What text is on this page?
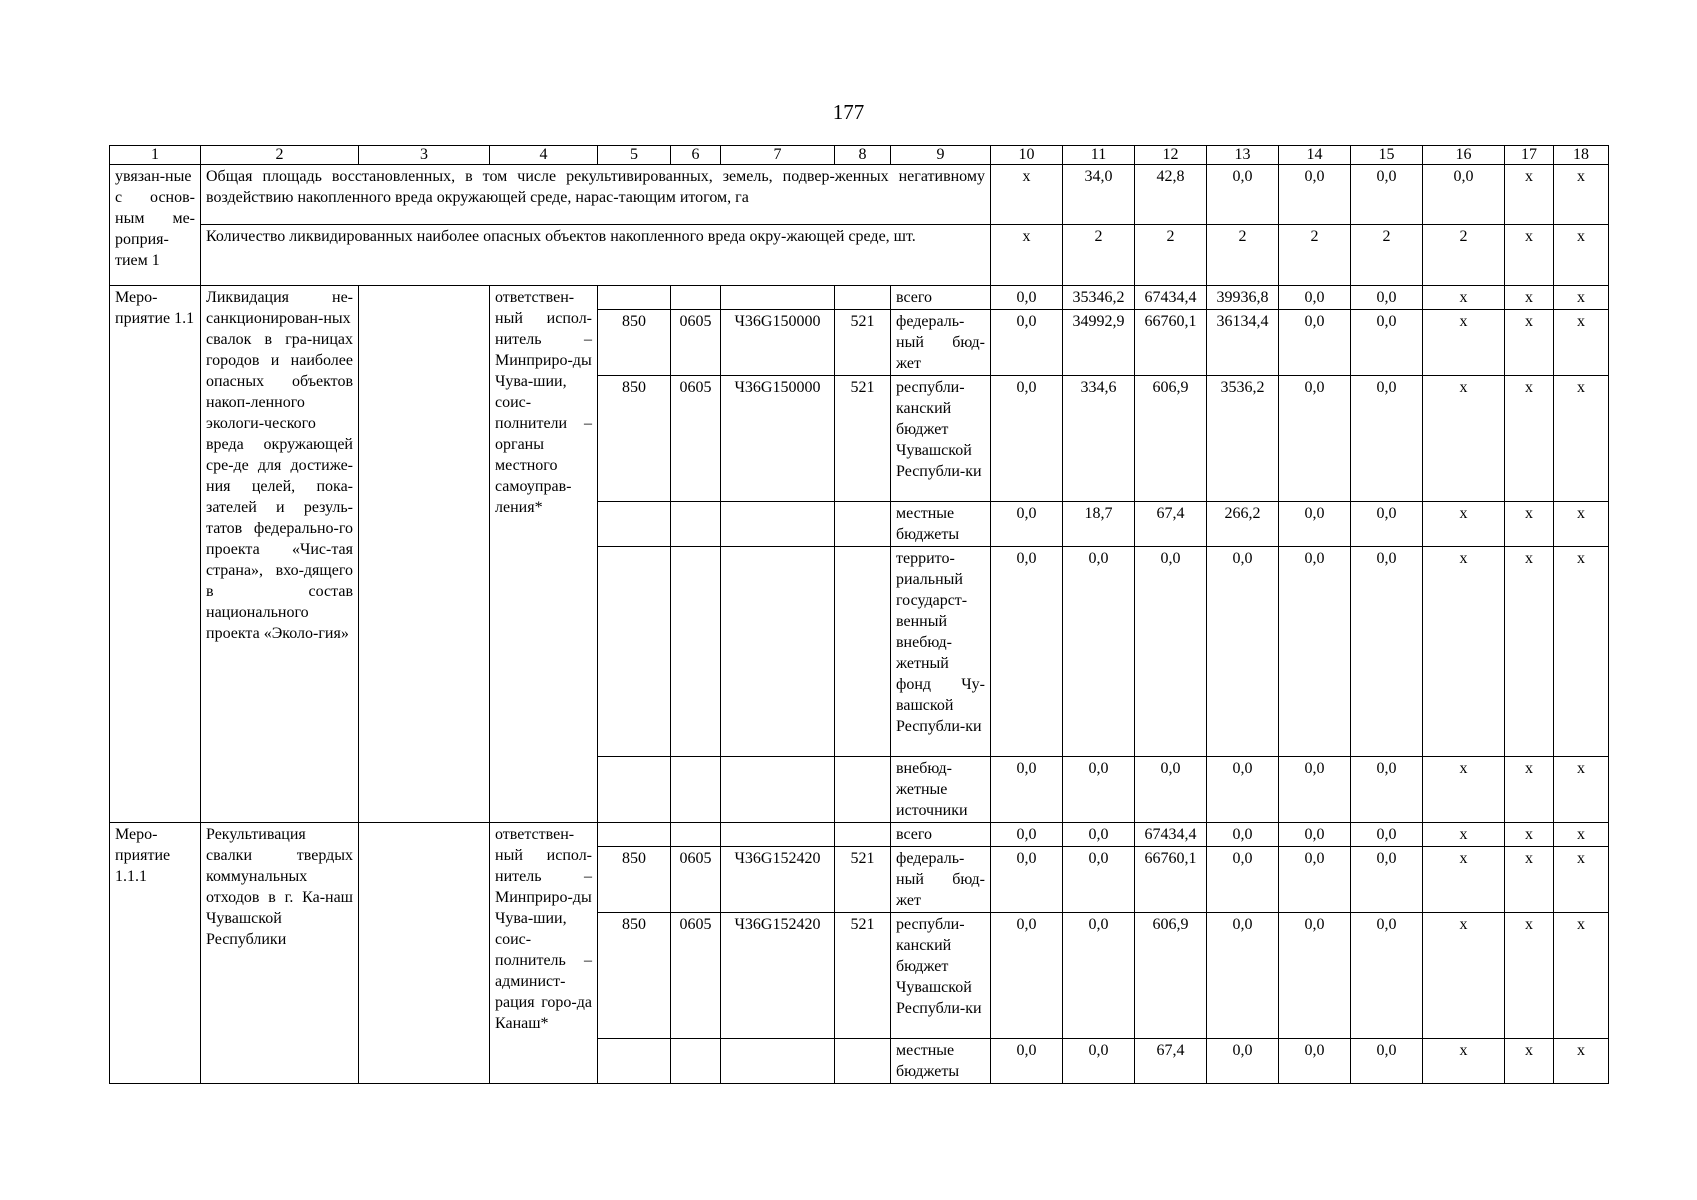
177
1	2	3	4	5	6	7	8	9	10	11	12	13	14	15	16	17	18	
увязан-ные с основ-ным ме-роприя-тием 1	Общая площадь восстановленных, в том числе рекультивированных, земель, подвер-женных негативному воздействию накопленного вреда окружающей среде, нарас-тающим итогом, га								х	34,0	42,8	0,0	0,0	0,0	0,0	х	х	
	Количество ликвидированных наиболее опасных объектов накопленного вреда окру-жающей среде, шт.								х	2	2	2	2	2	2	х	х	
Меро-приятие 1.1	Ликвидация не-санкционирован-ных свалок в гра-ницах городов и наиболее опасных объектов накоп-ленного экологи-ческого вреда окружающей сре-де для достиже-ния целей, пока-зателей и резуль-татов федерально-го проекта «Чис-тая страна», вхо-дящего в состав национального проекта «Эколо-гия»		ответствен-ный испол-нитель – Минприро-ды Чува-шии, соис-полнители – органы местного самоуправ-ления*					всего	0,0	35346,2	67434,4	39936,8	0,0	0,0	х	х	х	
				850	0605	Ч36G150000	521	федераль-ный бюд-жет	0,0	34992,9	66760,1	36134,4	0,0	0,0	х	х	х	
				850	0605	Ч36G150000	521	республи-канский бюджет Чувашской Республи-ки	0,0	334,6	606,9	3536,2	0,0	0,0	х	х	х	
								местные бюджеты	0,0	18,7	67,4	266,2	0,0	0,0	х	х	х	
								террито-риальный государст-венный внебюд-жетный фонд Чу-вашской Республи-ки	0,0	0,0	0,0	0,0	0,0	0,0	х	х	х	
								внебюд-жетные источники	0,0	0,0	0,0	0,0	0,0	0,0	х	х	х	
Меро-приятие 1.1.1	Рекультивация свалки твердых коммунальных отходов в г. Ка-наш Чувашской Республики		ответствен-ный испол-нитель – Минприро-ды Чува-шии, соис-полнитель – админист-рация горо-да Канаш*					всего	0,0	0,0	67434,4	0,0	0,0	0,0	х	х	х	
				850	0605	Ч36G152420	521	федераль-ный бюд-жет	0,0	0,0	66760,1	0,0	0,0	0,0	х	х	х	
				850	0605	Ч36G152420	521	республи-канский бюджет Чувашской Республи-ки	0,0	0,0	606,9	0,0	0,0	0,0	х	х	х	
								местные бюджеты	0,0	0,0	67,4	0,0	0,0	0,0	х	х	х	
